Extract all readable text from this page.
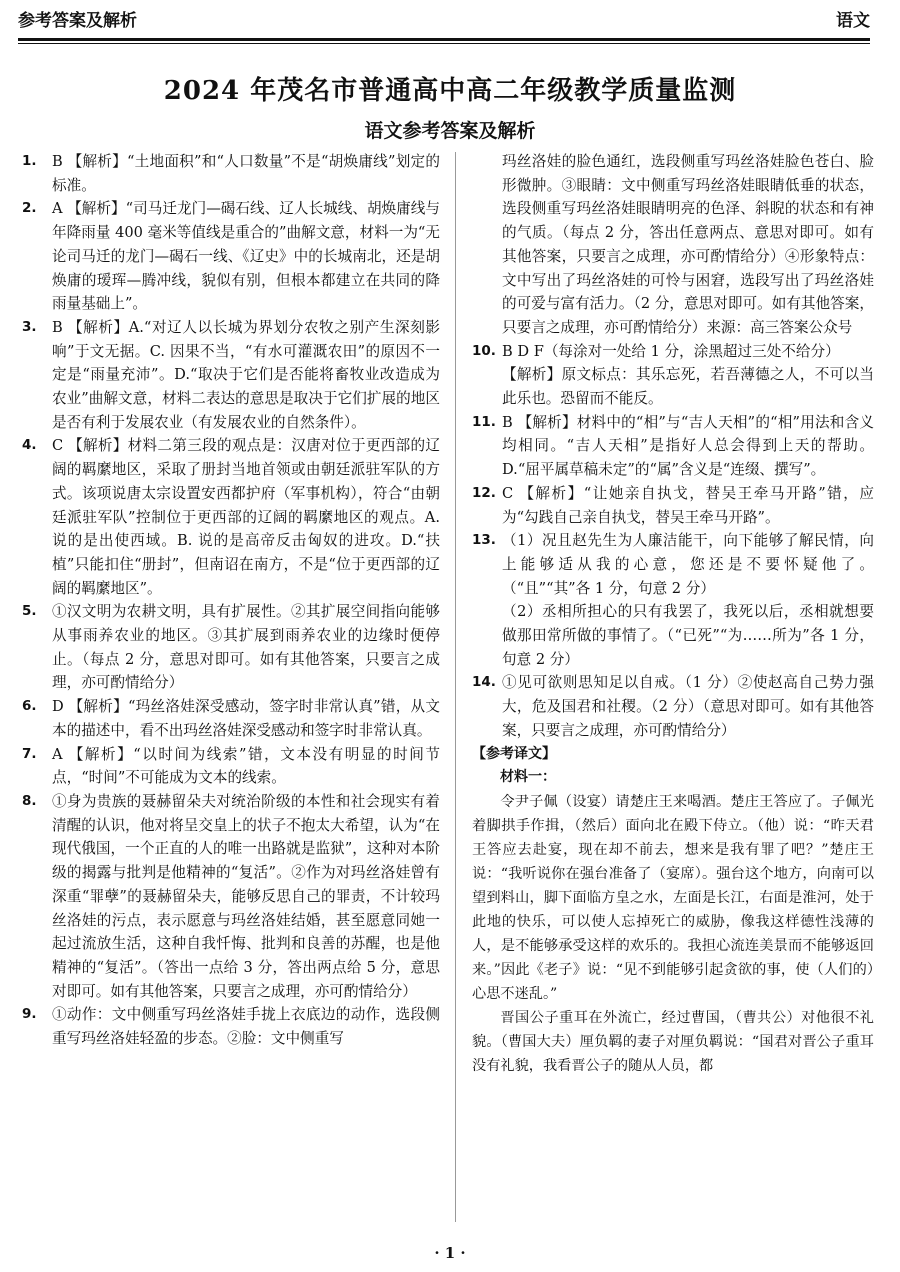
参考答案及解析	语文
2024 年茂名市普通高中高二年级教学质量监测
语文参考答案及解析
1.	B 【解析】“土地面积”和“人口数量”不是“胡焕庸线”划定的标准。
2.	A 【解析】“司马迁龙门—碣石线、辽人长城线、胡焕庸线与年降雨量 400 毫米等值线是重合的”曲解文意，材料一为“无论司马迁的龙门—碣石一线、《辽史》中的长城南北，还是胡焕庸的瑷珲—腾冲线，貌似有别，但根本都建立在共同的降雨量基础上”。
3.	B 【解析】A.“对辽人以长城为界划分农牧之别产生深刻影响”于文无据。C. 因果不当，“有水可灌溉农田”的原因不一定是“雨量充沛”。D.“取决于它们是否能将畜牧业改造成为农业”曲解文意，材料二表达的意思是取决于它们扩展的地区是否有利于发展农业（有发展农业的自然条件）。
4.	C 【解析】材料二第三段的观点是：汉唐对位于更西部的辽阔的羁縻地区，采取了册封当地首领或由朝廷派驻军队的方式。该项说唐太宗设置安西都护府（军事机构），符合“由朝廷派驻军队”控制位于更西部的辽阔的羁縻地区的观点。A. 说的是出使西域。B. 说的是高帝反击匈奴的进攻。D.“扶植”只能扣住“册封”，但南诏在南方，不是“位于更西部的辽阔的羁縻地区”。
5.	①汉文明为农耕文明，具有扩展性。②其扩展空间指向能够从事雨养农业的地区。③其扩展到雨养农业的边缘时便停止。（每点 2 分，意思对即可。如有其他答案，只要言之成理，亦可酌情给分）
6.	D 【解析】“玛丝洛娃深受感动，签字时非常认真”错，从文本的描述中，看不出玛丝洛娃深受感动和签字时非常认真。
7.	A 【解析】“以时间为线索”错，文本没有明显的时间节点，“时间”不可能成为文本的线索。
8.	①身为贵族的聂赫留朵夫对统治阶级的本性和社会现实有着清醒的认识，他对将呈交皇上的状子不抱太大希望，认为“在现代俄国，一个正直的人的唯一出路就是监狱”，这种对本阶级的揭露与批判是他精神的“复活”。②作为对玛丝洛娃曾有深重“罪孽”的聂赫留朵夫，能够反思自己的罪责，不计较玛丝洛娃的污点，表示愿意与玛丝洛娃结婚，甚至愿意同她一起过流放生活，这种自我忏悔、批判和良善的苏醒，也是他精神的“复活”。（答出一点给 3 分，答出两点给 5 分，意思对即可。如有其他答案，只要言之成理，亦可酌情给分）
9.	①动作：文中侧重写玛丝洛娃手拢上衣底边的动作，选段侧重写玛丝洛娃轻盈的步态。②脸：文中侧重写
玛丝洛娃的脸色通红，选段侧重写玛丝洛娃脸色苍白、脸形微肿。③眼睛：文中侧重写玛丝洛娃眼睛低垂的状态，选段侧重写玛丝洛娃眼睛明亮的色泽、斜睨的状态和有神的气质。（每点 2 分，答出任意两点、意思对即可。如有其他答案，只要言之成理，亦可酌情给分）④形象特点：文中写出了玛丝洛娃的可怜与困窘，选段写出了玛丝洛娃的可爱与富有活力。（2 分，意思对即可。如有其他答案，只要言之成理，亦可酌情给分）来源：高三答案公众号
10. B D F（每涂对一处给 1 分，涂黑超过三处不给分）
【解析】原文标点：其乐忘死，若吾薄德之人，不可以当此乐也。恐留而不能反。
11. B 【解析】材料中的“相”与“吉人天相”的“相”用法和含义均相同。“吉人天相”是指好人总会得到上天的帮助。D.“屈平属草稿未定”的“属”含义是“连缀、撰写”。
12. C 【解析】“让她亲自执戈，替吴王牵马开路”错，应为“勾践自己亲自执戈，替吴王牵马开路”。
13. （1）况且赵先生为人廉洁能干，向下能够了解民情，向上能够适从我的心意，您还是不要怀疑他了。（“且”“其”各 1 分，句意 2 分）
（2）丞相所担心的只有我罢了，我死以后，丞相就想要做那田常所做的事情了。（“已死”“为……所为”各 1 分，句意 2 分）
14. ①见可欲则思知足以自戒。（1 分）②使赵高自己势力强大，危及国君和社稷。（2 分）（意思对即可。如有其他答案，只要言之成理，亦可酌情给分）

【参考译文】

材料一：

令尹子佩（设宴）请楚庄王来喝酒。楚庄王答应了。子佩光着脚拱手作揖，（然后）面向北在殿下侍立。（他）说：“昨天君王答应去赴宴，现在却不前去，想来是我有罪了吧？”楚庄王说：“我听说你在强台准备了（宴席）。强台这个地方，向南可以望到料山，脚下面临方皇之水，左面是长江，右面是淮河，处于此地的快乐，可以使人忘掉死亡的威胁，像我这样德性浅薄的人，是不能够承受这样的欢乐的。我担心流连美景而不能够返回来。”因此《老子》说：“见不到能够引起贪欲的事，使（人们的）心思不迷乱。”

晋国公子重耳在外流亡，经过曹国，（曹共公）对他很不礼貌。（曹国大夫）厘负羁的妻子对厘负羁说：“国君对晋公子重耳没有礼貌，我看晋公子的随从人员，都

· 1 ·
